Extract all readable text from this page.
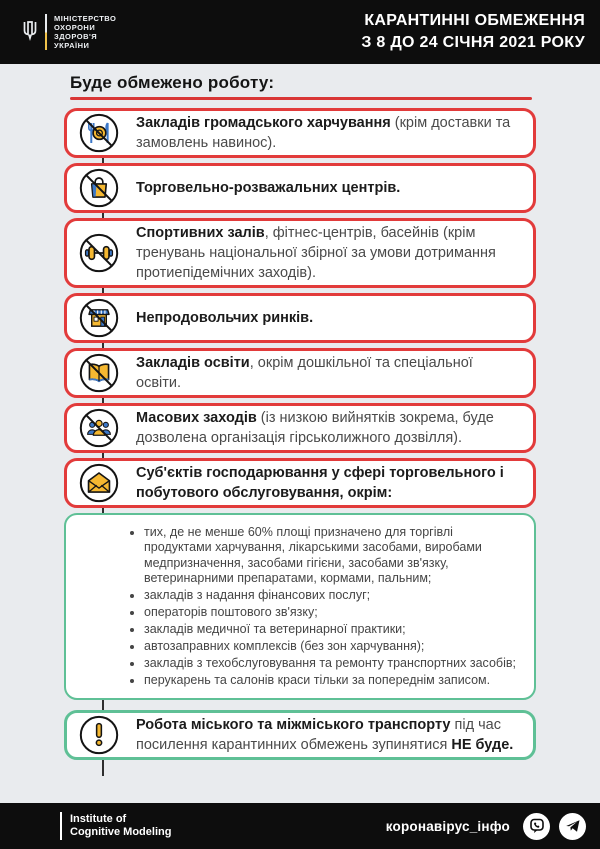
МІНІСТЕРСТВО
ОХОРОНИ
ЗДОРОВ'Я
УКРАЇНИ
КАРАНТИННІ ОБМЕЖЕННЯ
З 8 ДО 24 СІЧНЯ 2021 РОКУ
Буде обмежено роботу:
Закладів громадського харчування (крім доставки та замовлень навинос).
Торговельно-розважальних центрів.
Спортивних залів, фітнес-центрів, басейнів (крім тренувань національної збірної за умови дотримання протиепідемічних заходів).
Непродовольчих ринків.
Закладів освіти, окрім дошкільної та спеціальної освіти.
Масових заходів (із низкою вийнятків зокрема, буде дозволена організація гірськолижного дозвілля).
Суб'єктів господарювання у сфері торговельного і побутового обслуговування, окрім:
• тих, де не менше 60% площі призначено для торгівлі продуктами харчування, лікарськими засобами, виробами медпризначення, засобами гігієни, засобами зв'язку, ветеринарними препаратами, кормами, пальним;
• закладів з надання фінансових послуг;
• операторів поштового зв'язку;
• закладів медичної та ветеринарної практики;
• автозаправних комплексів (без зон харчування);
• закладів з техобслуговування та ремонту транспортних засобів;
• перукарень та салонів краси тільки за попереднім записом.
Робота міського та міжміського транспорту під час посилення карантинних обмежень зупинятися НЕ буде.
Institute of
Cognitive Modeling	коронавірус_інфо
